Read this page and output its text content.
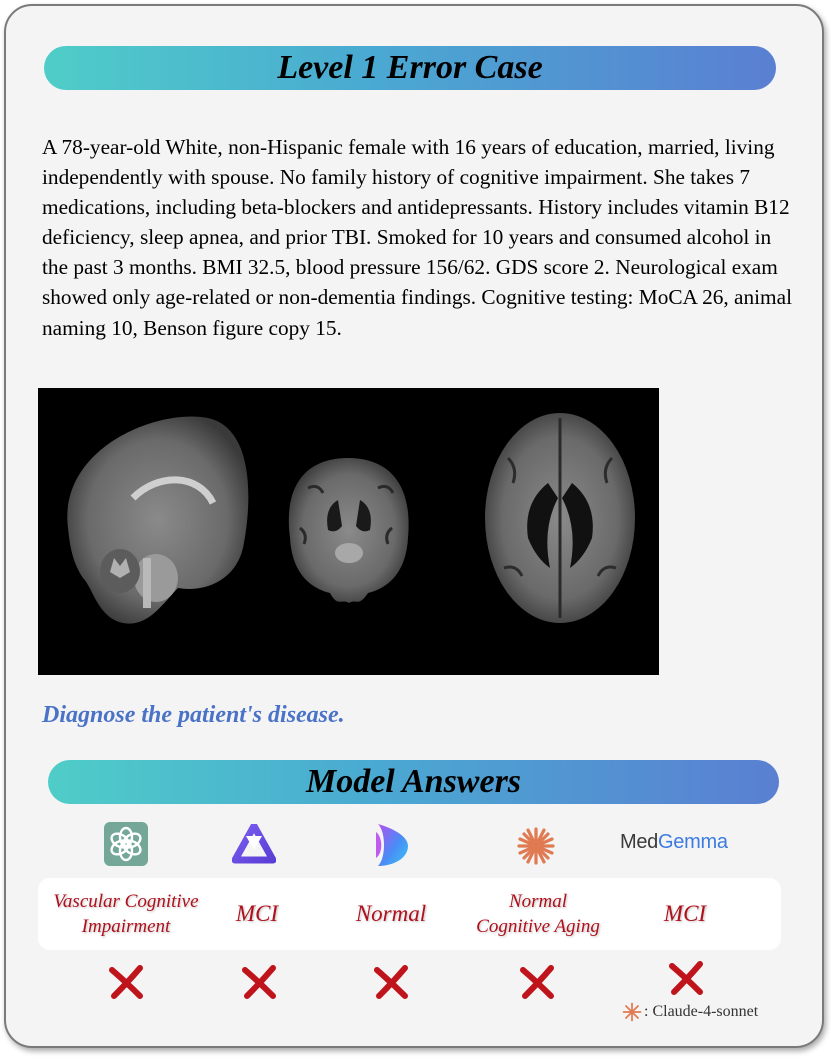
Level 1 Error Case
A 78-year-old White, non-Hispanic female with 16 years of education, married, living independently with spouse. No family history of cognitive impairment. She takes 7 medications, including beta-blockers and antidepressants. History includes vitamin B12 deficiency, sleep apnea, and prior TBI. Smoked for 10 years and consumed alcohol in the past 3 months. BMI 32.5, blood pressure 156/62. GDS score 2. Neurological exam showed only age-related or non-dementia findings. Cognitive testing: MoCA 26, animal naming 10, Benson figure copy 15.
Diagnose the patient's disease.
Model Answers
MedGemma
Vascular Cognitive
Impairment
MCI	Normal	Normal
Cognitive Aging
MCI
: Claude-4-sonnet
